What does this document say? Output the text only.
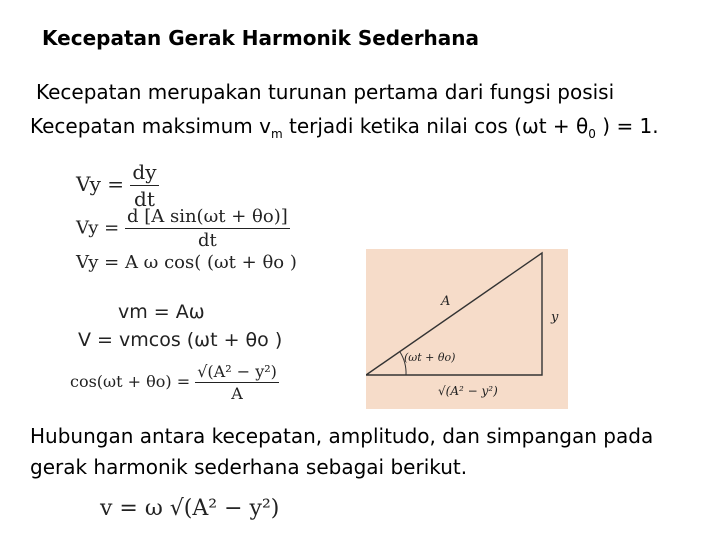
Kecepatan Gerak Harmonik Sederhana
Kecepatan merupakan turunan pertama dari fungsi posisi
Kecepatan maksimum $v_m$ terjadi ketika nilai $\cos (\omega t + \theta_0$ ) = 1.
$Vy = \frac{dy}{dt}$
$Vy = \frac{\text{d [A sin(ωt + θo)]}}{dt}$
Vy = A ω cos( (ωt + θo )
vm = Aω
V = vmcos (ωt + θo )
$\cos(\omega t + \theta o) = \frac{\text{√(A² − y²)}}{A}$
A
y
(ωt + θo)
√(A² − y²)
Hubungan antara kecepatan, amplitudo, dan simpangan pada
gerak harmonik sederhana sebagai berikut.
v = ω √(A² − y²)
